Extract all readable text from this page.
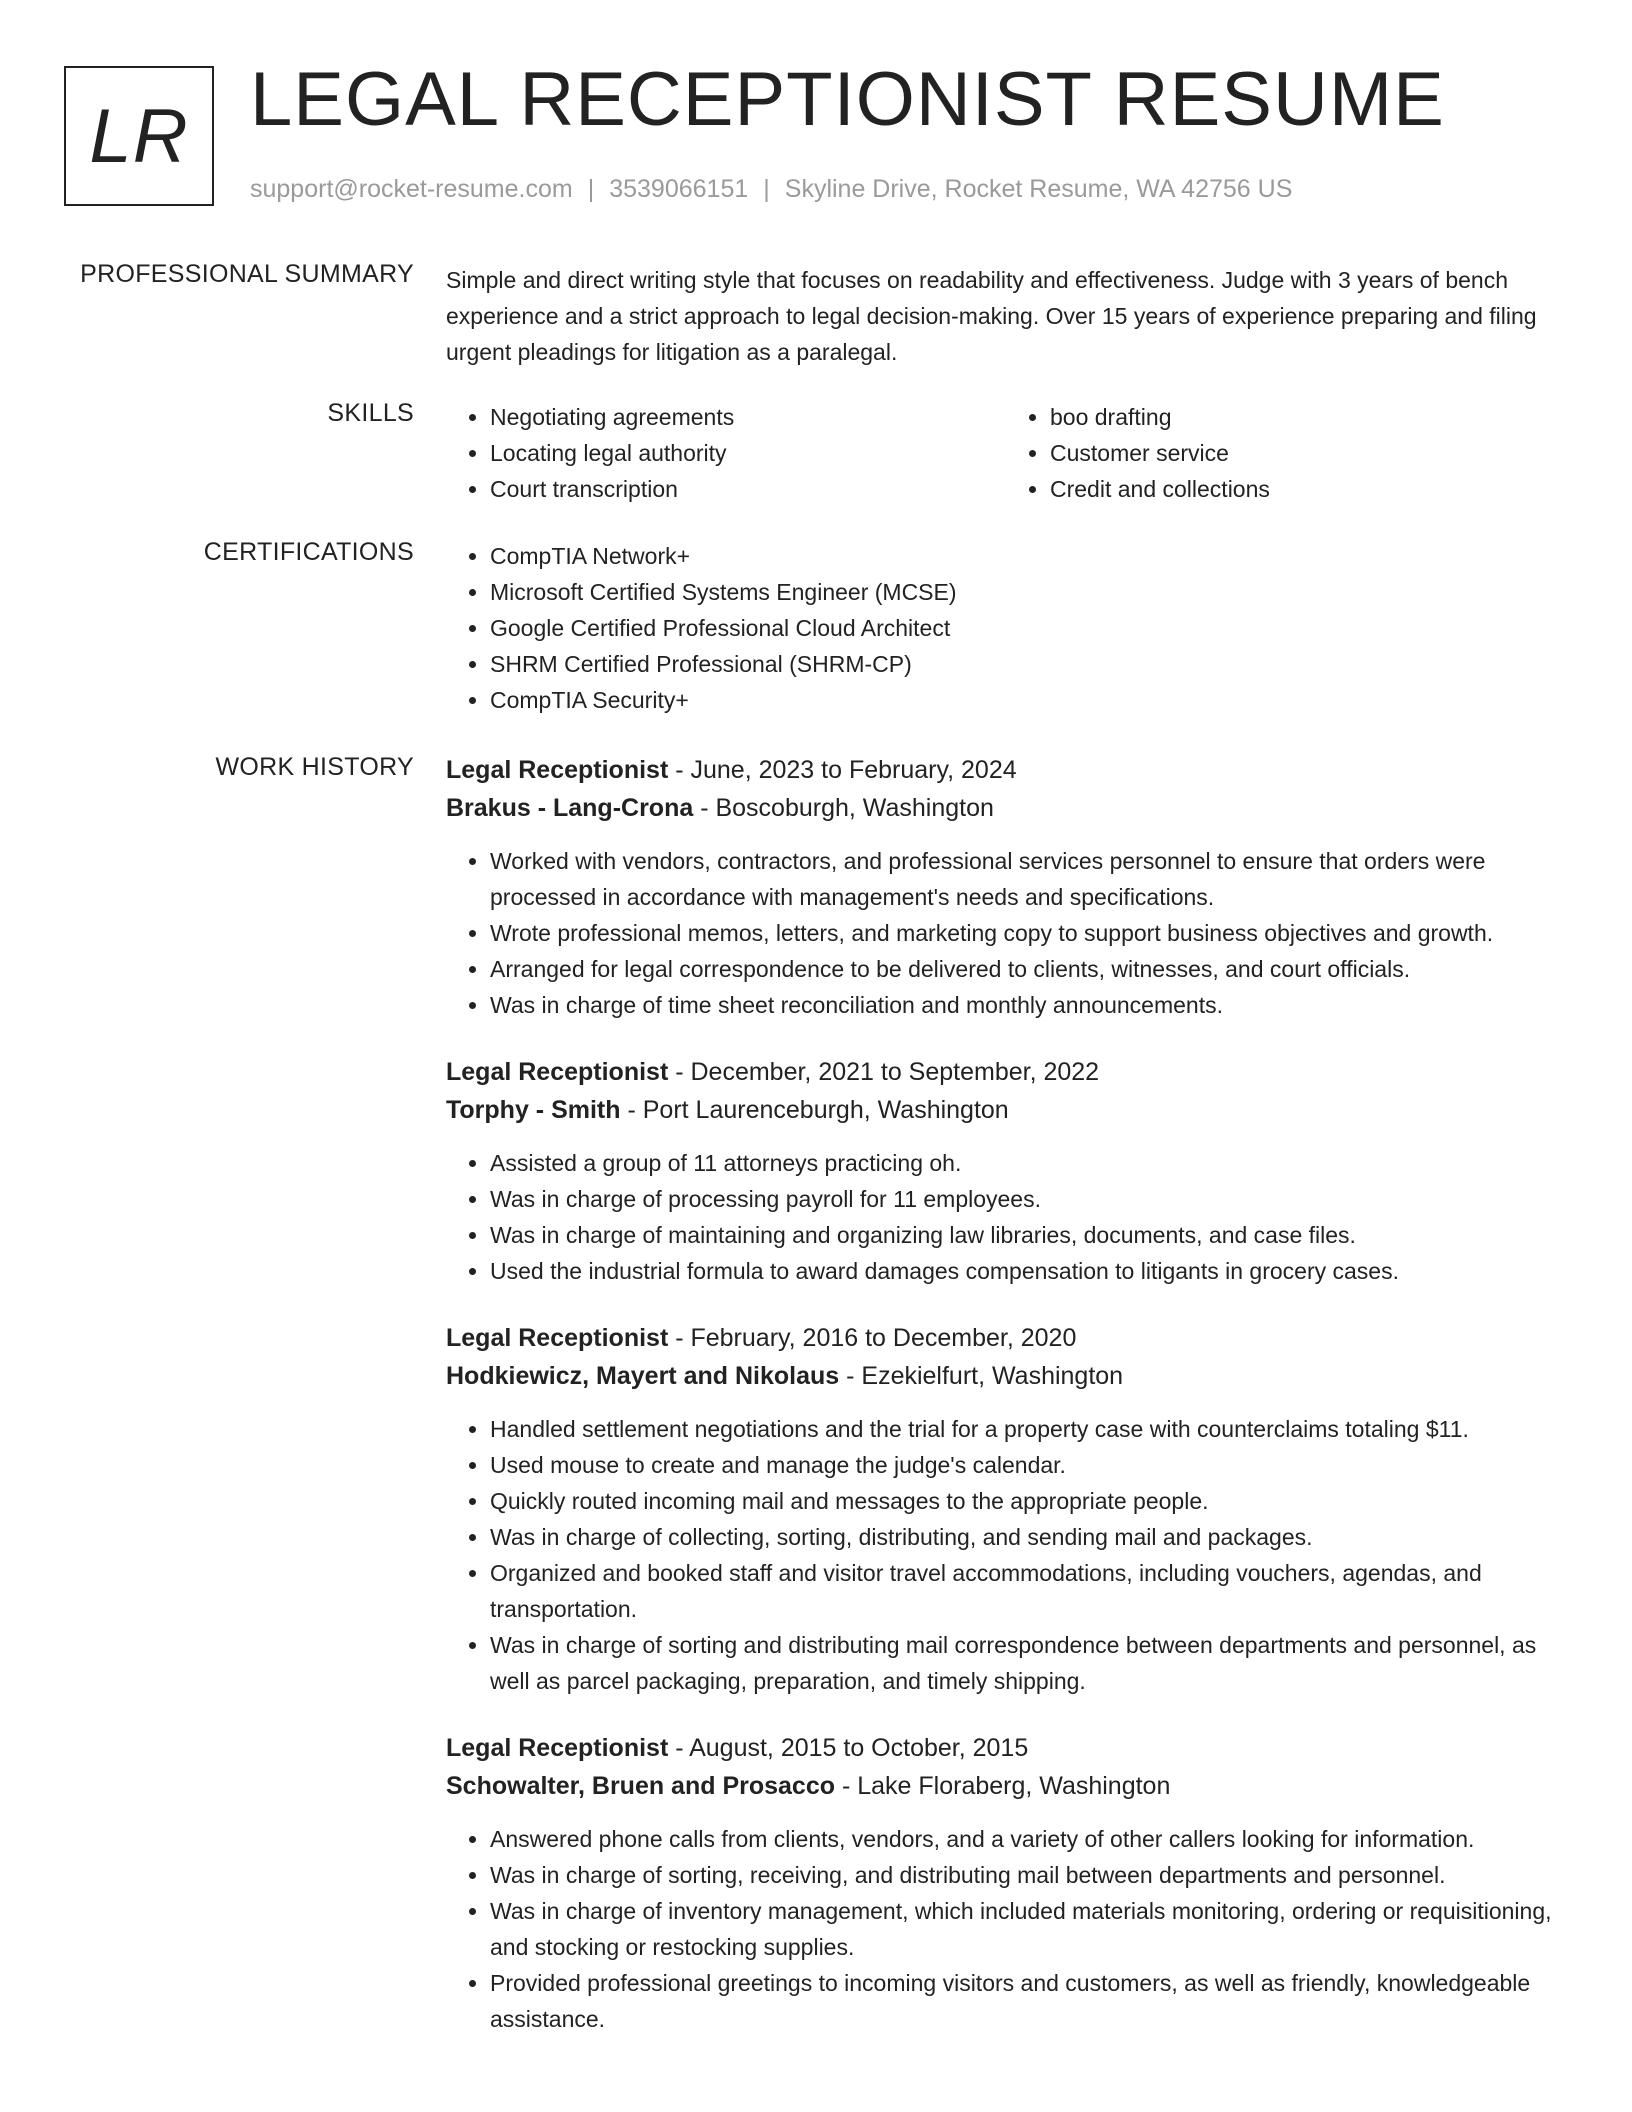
LR LEGAL RECEPTIONIST RESUME
support@rocket-resume.com | 3539066151 | Skyline Drive, Rocket Resume, WA 42756 US
PROFESSIONAL SUMMARY Simple and direct writing style that focuses on readability and effectiveness. Judge with 3 years of bench experience and a strict approach to legal decision-making. Over 15 years of experience preparing and filing urgent pleadings for litigation as a paralegal.

SKILLS	• Negotiating agreements
• Locating legal authority
• Court transcription
• boo drafting
• Customer service
• Credit and collections
CERTIFICATIONS	• CompTIA Network+
• Microsoft Certified Systems Engineer (MCSE)
• Google Certified Professional Cloud Architect
• SHRM Certified Professional (SHRM-CP)
• CompTIA Security+
WORK HISTORY Legal Receptionist - June, 2023 to February, 2024
Brakus - Lang-Crona - Boscoburgh, Washington
• Worked with vendors, contractors, and professional services personnel to ensure that orders were processed in accordance with management's needs and specifications.
• Wrote professional memos, letters, and marketing copy to support business objectives and growth.
• Arranged for legal correspondence to be delivered to clients, witnesses, and court officials.
• Was in charge of time sheet reconciliation and monthly announcements.
Legal Receptionist - December, 2021 to September, 2022
Torphy - Smith - Port Laurenceburgh, Washington
• Assisted a group of 11 attorneys practicing oh.
• Was in charge of processing payroll for 11 employees.
• Was in charge of maintaining and organizing law libraries, documents, and case files.
• Used the industrial formula to award damages compensation to litigants in grocery cases.
Legal Receptionist - February, 2016 to December, 2020
Hodkiewicz, Mayert and Nikolaus - Ezekielfurt, Washington
• Handled settlement negotiations and the trial for a property case with counterclaims totaling $11.
• Used mouse to create and manage the judge's calendar.
• Quickly routed incoming mail and messages to the appropriate people.
• Was in charge of collecting, sorting, distributing, and sending mail and packages.
• Organized and booked staff and visitor travel accommodations, including vouchers, agendas, and transportation.
• Was in charge of sorting and distributing mail correspondence between departments and personnel, as well as parcel packaging, preparation, and timely shipping.
Legal Receptionist - August, 2015 to October, 2015
Schowalter, Bruen and Prosacco - Lake Floraberg, Washington
• Answered phone calls from clients, vendors, and a variety of other callers looking for information.
• Was in charge of sorting, receiving, and distributing mail between departments and personnel.
• Was in charge of inventory management, which included materials monitoring, ordering or requisitioning, and stocking or restocking supplies.
• Provided professional greetings to incoming visitors and customers, as well as friendly, knowledgeable assistance.
